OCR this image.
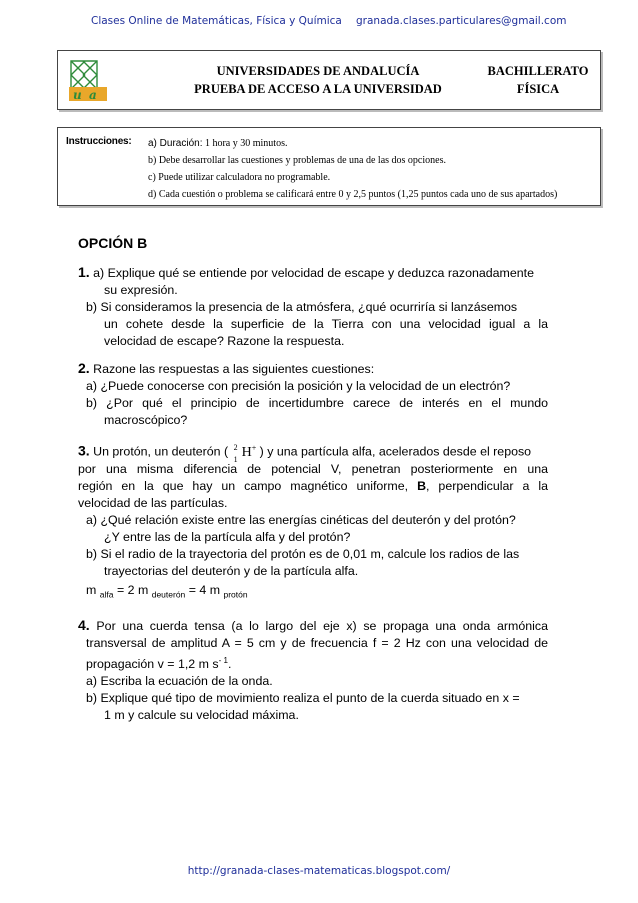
Clases Online de Matemáticas, Física y Química granada.clases.particulares@gmail.com
u a
UNIVERSIDADES DE ANDALUCÍA
PRUEBA DE ACCESO A LA UNIVERSIDAD
BACHILLERATO
FÍSICA
Instrucciones: a) Duración: 1 hora y 30 minutos.
b) Debe desarrollar las cuestiones y problemas de una de las dos opciones.
c) Puede utilizar calculadora no programable.
d) Cada cuestión o problema se calificará entre 0 y 2,5 puntos (1,25 puntos cada uno de sus apartados)
OPCIÓN B
1. a) Explique qué se entiende por velocidad de escape y deduzca razonadamente
su expresión.
b) Si consideramos la presencia de la atmósfera, ¿qué ocurriría si lanzásemos
un cohete desde la superficie de la Tierra con una velocidad igual a la
velocidad de escape? Razone la respuesta.
2. Razone las respuestas a las siguientes cuestiones:
a) ¿Puede conocerse con precisión la posición y la velocidad de un electrón?
b) ¿Por qué el principio de incertidumbre carece de interés en el mundo
macroscópico?
3. Un protón, un deuterón ( 2
1 H+ ) y una partícula alfa, acelerados desde el reposo
por una misma diferencia de potencial V, penetran posteriormente en una
región en la que hay un campo magnético uniforme, B, perpendicular a la
velocidad de las partículas.
a) ¿Qué relación existe entre las energías cinéticas del deuterón y del protón?
¿Y entre las de la partícula alfa y del protón?
b) Si el radio de la trayectoria del protón es de 0,01 m, calcule los radios de las
trayectorias del deuterón y de la partícula alfa.
m $_{alfa}$ = 2 m $_{deuterón}$ = 4 m $_{protón}$
4. Por una cuerda tensa (a lo largo del eje x) se propaga una onda armónica
transversal de amplitud A = 5 cm y de frecuencia f = 2 Hz con una velocidad de
propagación v = 1,2 m $s^{- 1}$.
a) Escriba la ecuación de la onda.
b) Explique qué tipo de movimiento realiza el punto de la cuerda situado en x =
1 m y calcule su velocidad máxima.
http://granada-clases-matematicas.blogspot.com/
